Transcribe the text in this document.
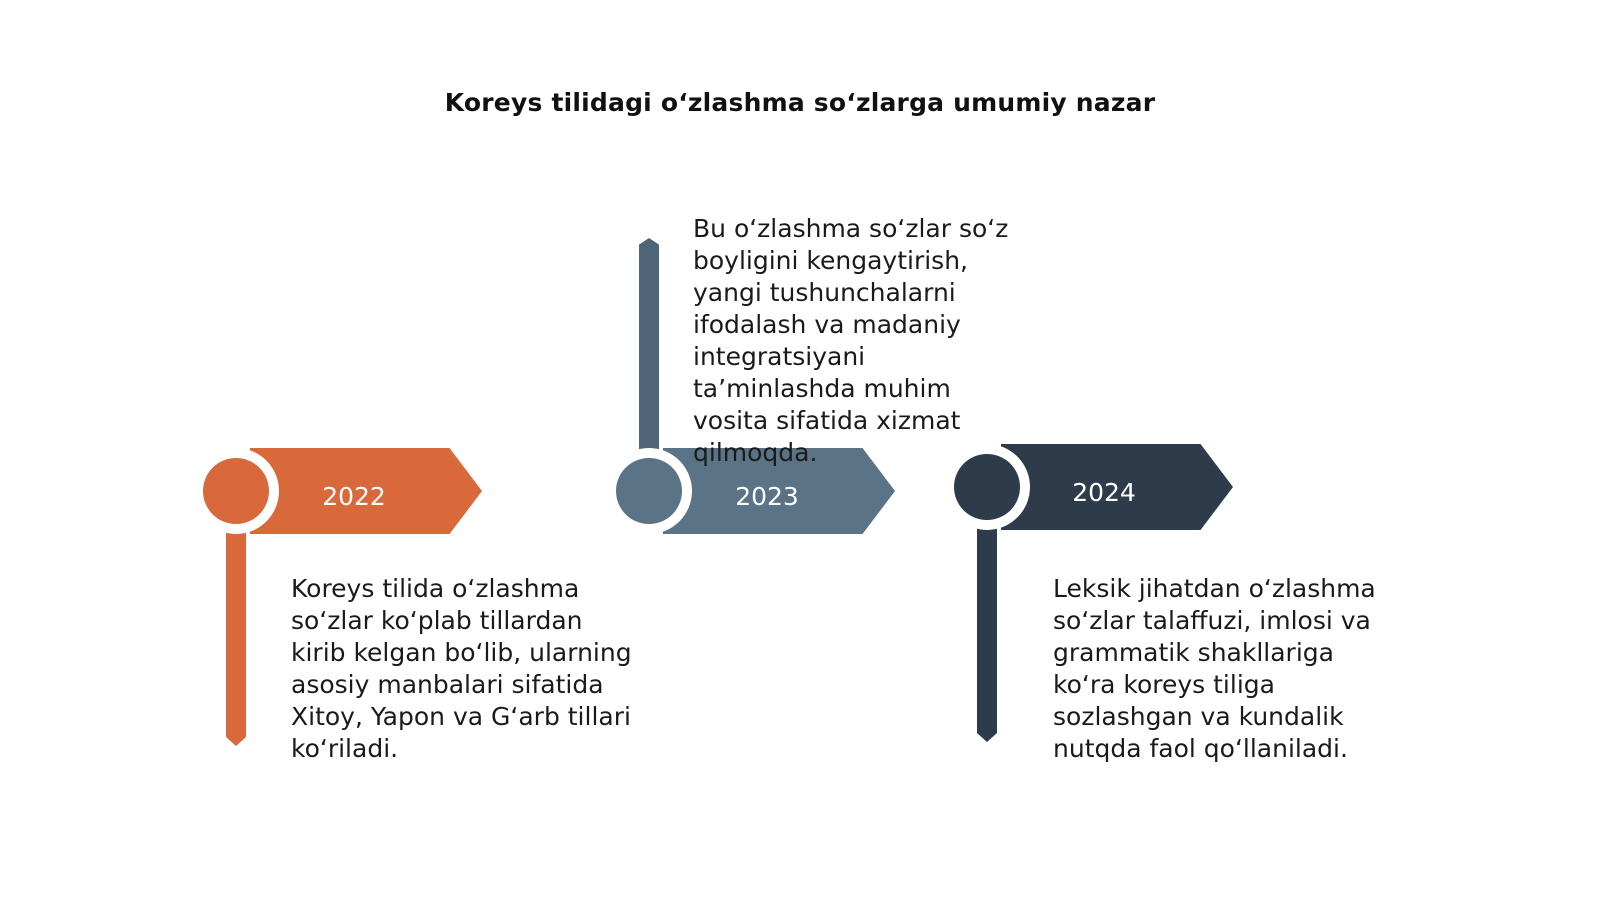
Koreys tilidagi o‘zlashma so‘zlarga umumiy nazar
2022
Koreys tilida o‘zlashma so‘zlar ko‘plab tillardan kirib kelgan bo‘lib, ularning asosiy manbalari sifatida Xitoy, Yapon va G‘arb tillari ko‘riladi.
2023
Bu o‘zlashma so‘zlar so‘z boyligini kengaytirish, yangi tushunchalarni ifodalash va madaniy integratsiyani ta’minlashda muhim vosita sifatida xizmat qilmoqda.
2024
Leksik jihatdan o‘zlashma so‘zlar talaffuzi, imlosi va grammatik shakllariga ko‘ra koreys tiliga sozlashgan va kundalik nutqda faol qo‘llaniladi.
